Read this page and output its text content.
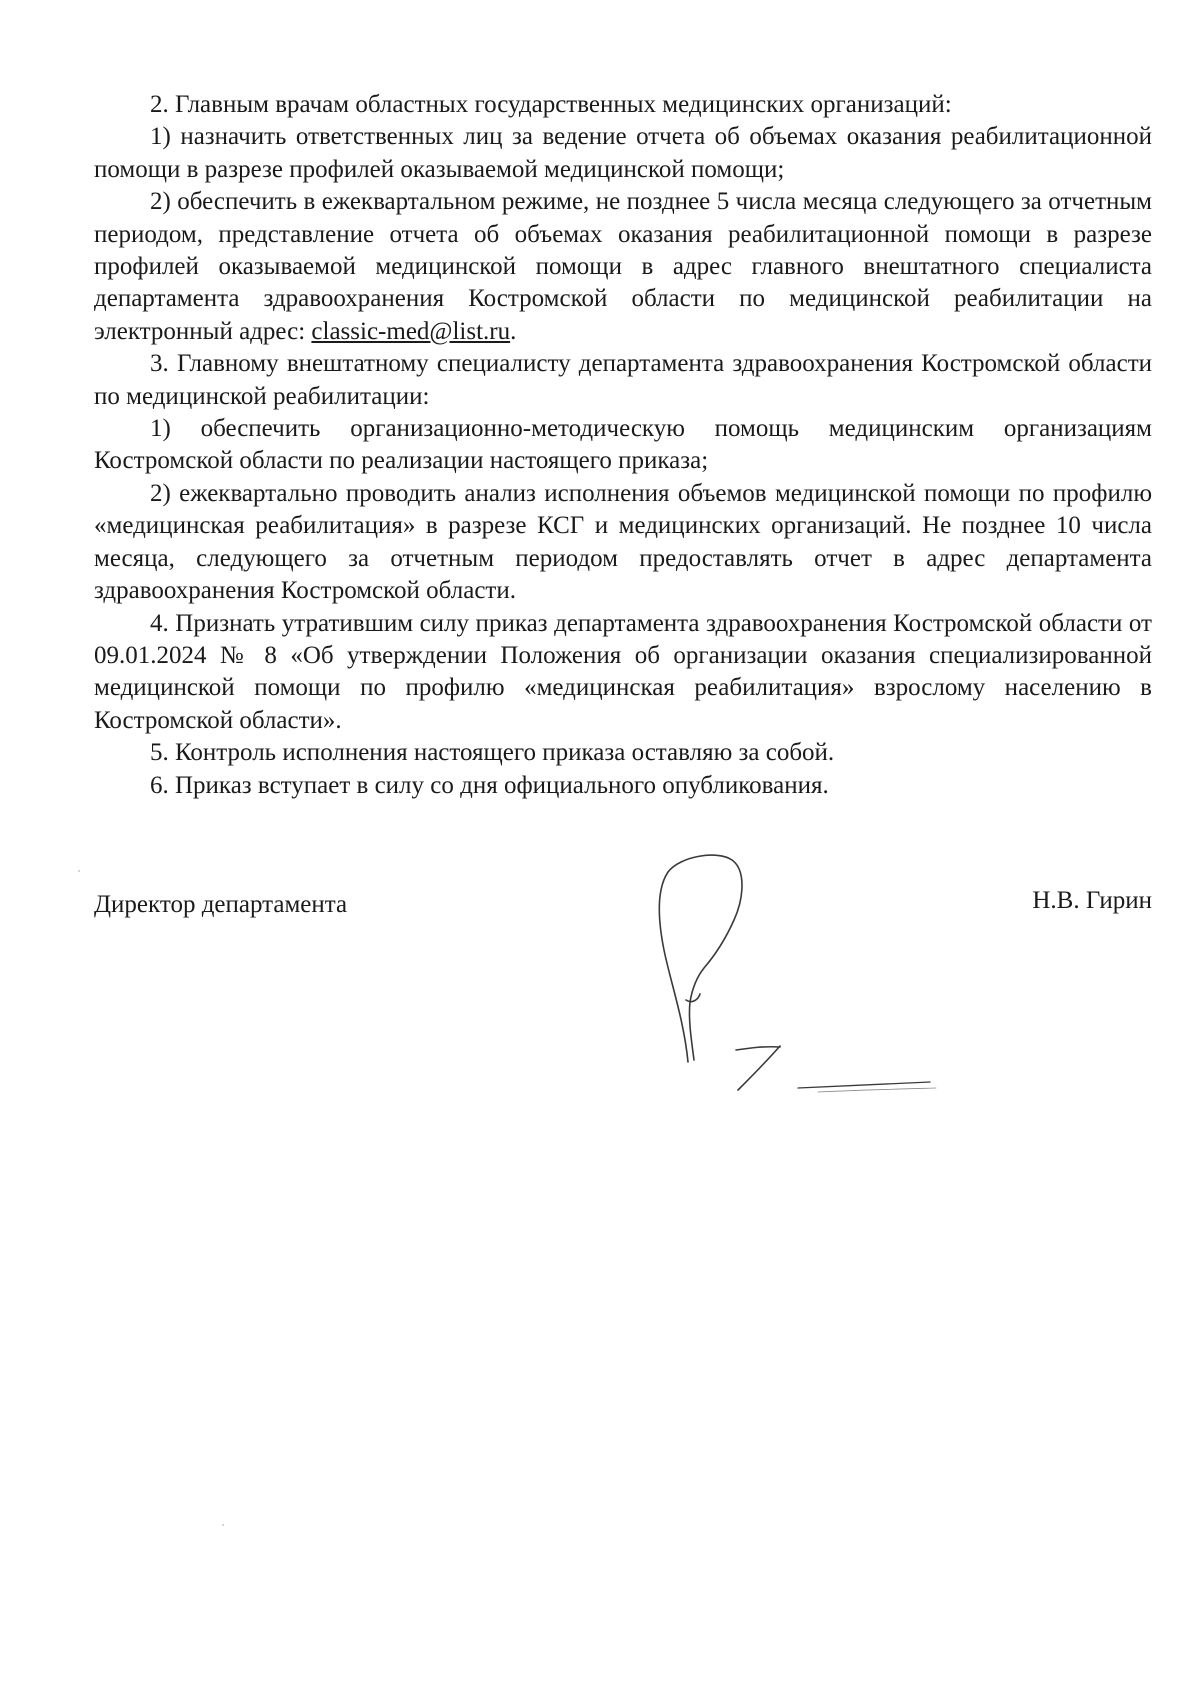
2. Главным врачам областных государственных медицинских организаций:

1) назначить ответственных лиц за ведение отчета об объемах оказания реабилитационной помощи в разрезе профилей оказываемой медицинской помощи;

2) обеспечить в ежеквартальном режиме, не позднее 5 числа месяца следующего за отчетным периодом, представление отчета об объемах оказания реабилитационной помощи в разрезе профилей оказываемой медицинской помощи в адрес главного внештатного специалиста департамента здравоохранения Костромской области по медицинской реабилитации на электронный адрес: classic-med@list.ru.

3. Главному внештатному специалисту департамента здравоохранения Костромской области по медицинской реабилитации:

1) обеспечить организационно-методическую помощь медицинским организациям Костромской области по реализации настоящего приказа;

2) ежеквартально проводить анализ исполнения объемов медицинской помощи по профилю «медицинская реабилитация» в разрезе КСГ и медицинских организаций. Не позднее 10 числа месяца, следующего за отчетным периодом предоставлять отчет в адрес департамента здравоохранения Костромской области.

4. Признать утратившим силу приказ департамента здравоохранения Костромской области от 09.01.2024 № 8 «Об утверждении Положения об организации оказания специализированной медицинской помощи по профилю «медицинская реабилитация» взрослому населению в Костромской области».

5. Контроль исполнения настоящего приказа оставляю за собой.

6. Приказ вступает в силу со дня официального опубликования.

Директор департамента	Н.В. Гирин
